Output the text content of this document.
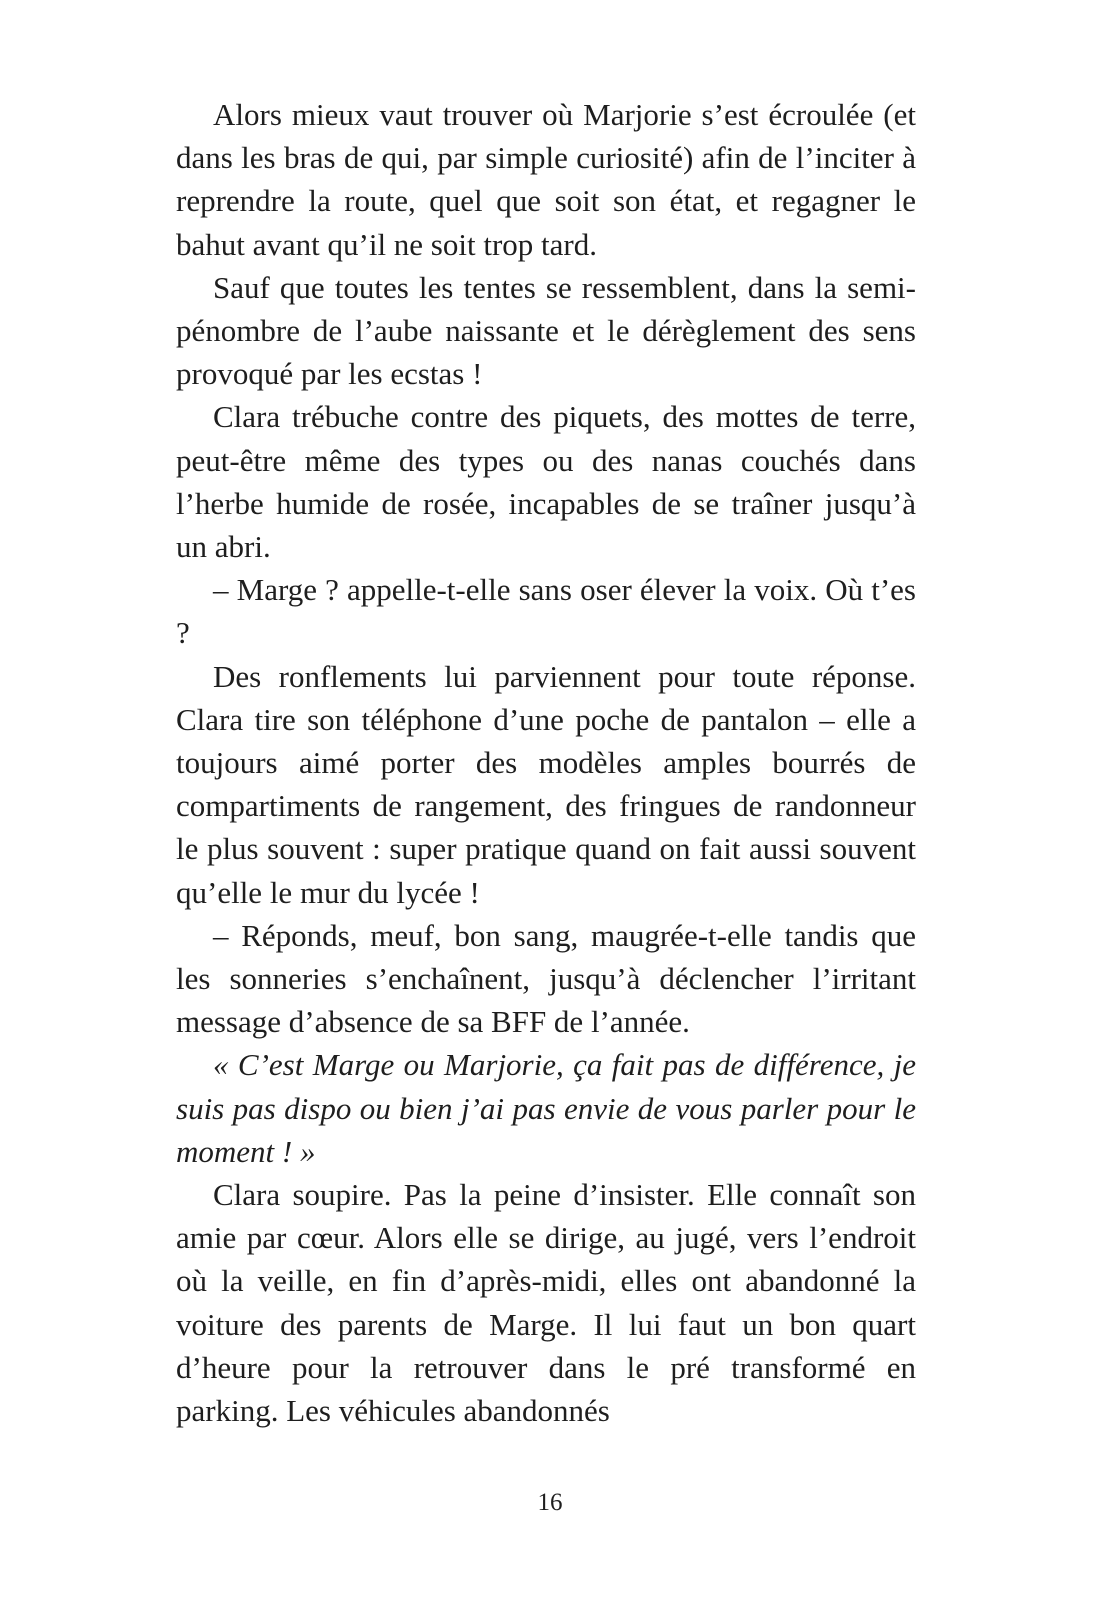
Alors mieux vaut trouver où Marjorie s’est écroulée (et dans les bras de qui, par simple curiosité) afin de l’inciter à reprendre la route, quel que soit son état, et regagner le bahut avant qu’il ne soit trop tard.

Sauf que toutes les tentes se ressemblent, dans la semi-pénombre de l’aube naissante et le dérèglement des sens provoqué par les ecstas !

Clara trébuche contre des piquets, des mottes de terre, peut-être même des types ou des nanas couchés dans l’herbe humide de rosée, incapables de se traîner jusqu’à un abri.

– Marge ? appelle-t-elle sans oser élever la voix. Où t’es ?

Des ronflements lui parviennent pour toute réponse. Clara tire son téléphone d’une poche de pantalon – elle a toujours aimé porter des modèles amples bourrés de compartiments de rangement, des fringues de randonneur le plus souvent : super pratique quand on fait aussi souvent qu’elle le mur du lycée !

– Réponds, meuf, bon sang, maugrée-t-elle tandis que les sonneries s’enchaînent, jusqu’à déclencher l’irritant message d’absence de sa BFF de l’année.

« C’est Marge ou Marjorie, ça fait pas de différence, je suis pas dispo ou bien j’ai pas envie de vous parler pour le moment ! »

Clara soupire. Pas la peine d’insister. Elle connaît son amie par cœur. Alors elle se dirige, au jugé, vers l’endroit où la veille, en fin d’après-midi, elles ont abandonné la voiture des parents de Marge. Il lui faut un bon quart d’heure pour la retrouver dans le pré transformé en parking. Les véhicules abandonnés

16
